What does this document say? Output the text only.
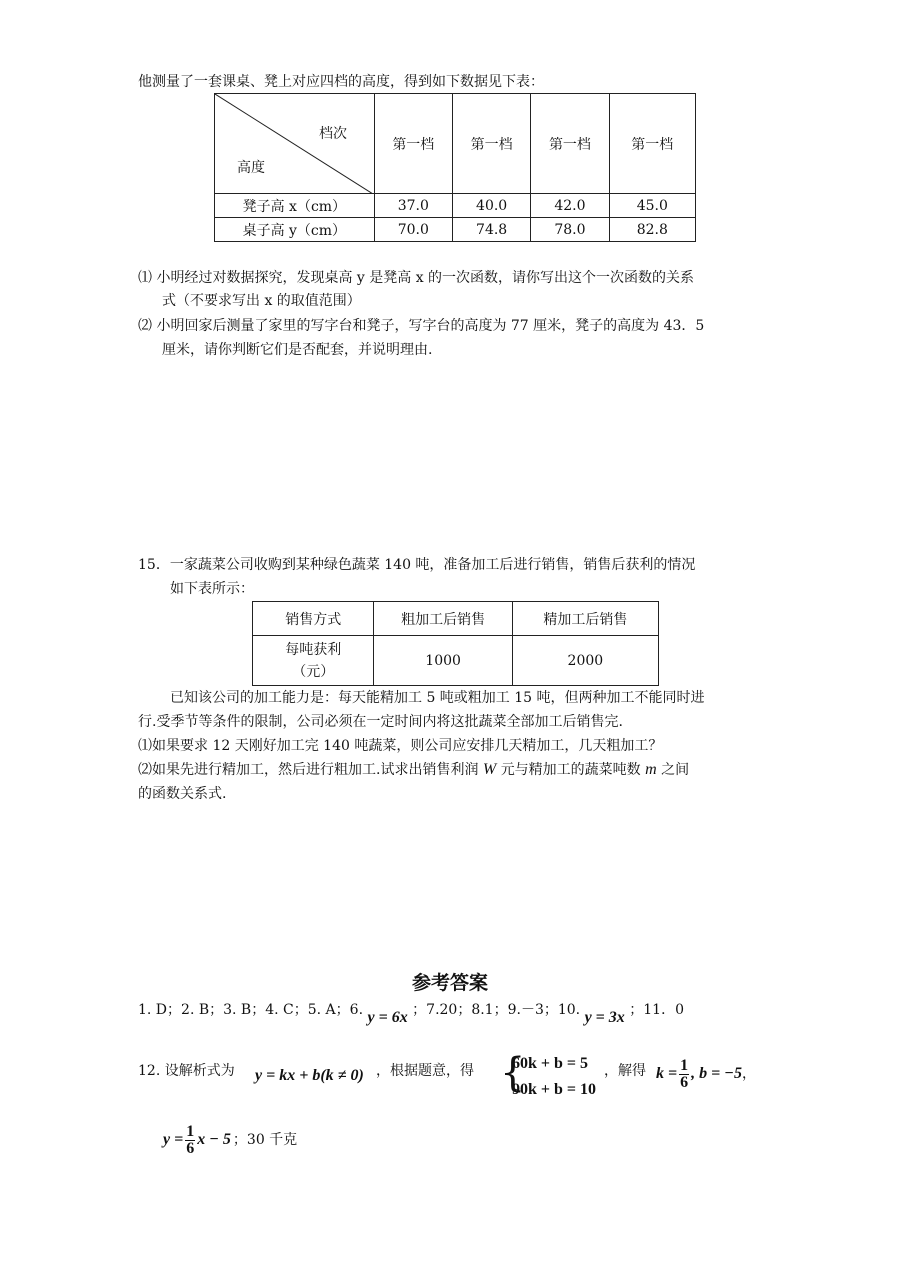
他测量了一套课桌、凳上对应四档的高度，得到如下数据见下表：
档次
高度	第一档	第一档	第一档	第一档
凳子高 x（cm）	37.0	40.0	42.0	45.0
桌子高 y（cm）	70.0	74.8	78.0	82.8
⑴ 小明经过对数据探究，发现桌高 y 是凳高 x 的一次函数，请你写出这个一次函数的关系
式（不要求写出 x 的取值范围）
⑵ 小明回家后测量了家里的写字台和凳子，写字台的高度为 77 厘米，凳子的高度为 43．5
厘米，请你判断它们是否配套，并说明理由.
15．一家蔬菜公司收购到某种绿色蔬菜 140 吨，准备加工后进行销售，销售后获利的情况
如下表所示：
销售方式	粗加工后销售	精加工后销售

每吨获利
（元）	1000	2000
已知该公司的加工能力是：每天能精加工 5 吨或粗加工 15 吨，但两种加工不能同时进
行.受季节等条件的限制，公司必须在一定时间内将这批蔬菜全部加工后销售完.
⑴如果要求 12 天刚好加工完 140 吨蔬菜，则公司应安排几天精加工，几天粗加工？
⑵如果先进行精加工，然后进行粗加工.试求出销售利润 W 元与精加工的蔬菜吨数 m 之间
的函数关系式.
参考答案
1. D；2. B；3. B；4. C；5. A；6. y = 6x ；7.20；8.1；9.－3；10. y = 3x ；11．0
12. 设解析式为 y = kx + b(k ≠ 0) ，根据题意，得 {
60k + b = 5
90k + b = 10
，解得 $k = \frac{1}{6}$ , b = −5 ，
$y = \frac{1}{6}$ x − 5 ；30 千克
